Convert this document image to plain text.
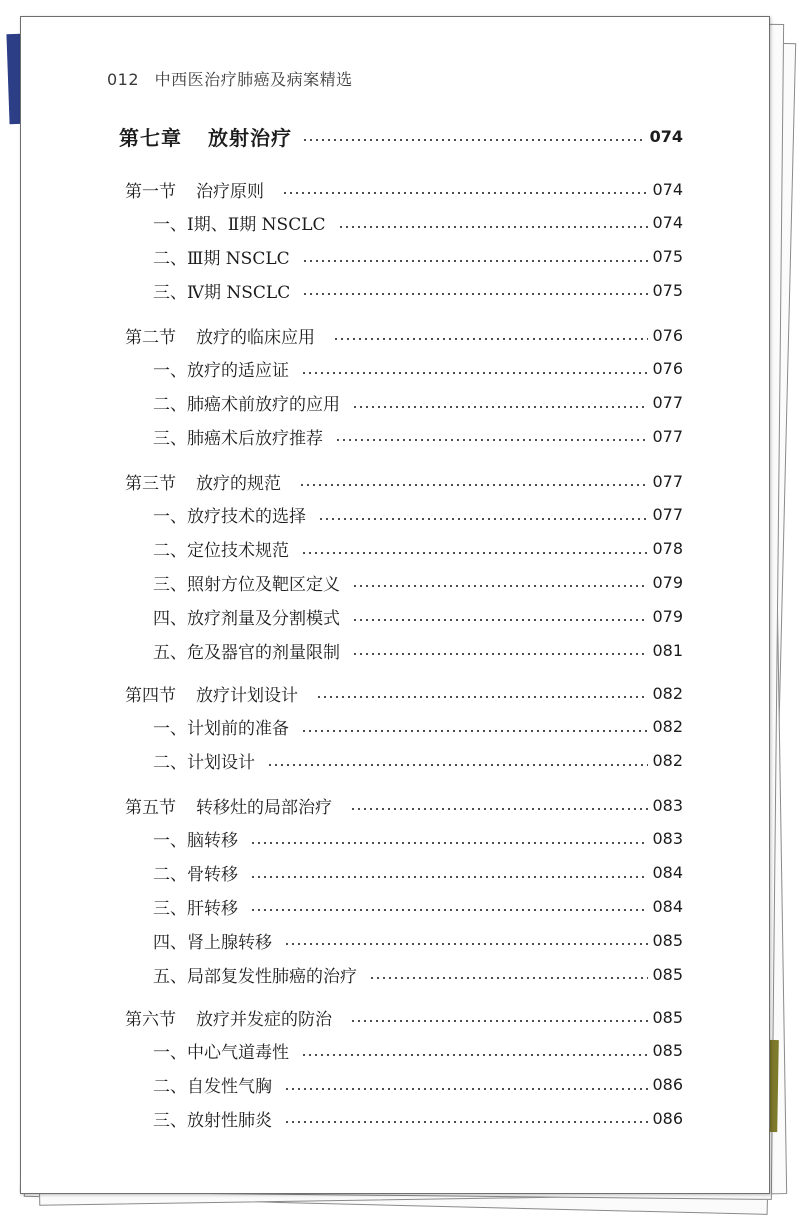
012 中西医治疗肺癌及病案精选
第七章 放射治疗	074
第一节 治疗原则	074
一、Ⅰ期、Ⅱ期 NSCLC	074
二、Ⅲ期 NSCLC	075
三、Ⅳ期 NSCLC	075
第二节 放疗的临床应用	076
一、放疗的适应证	076
二、肺癌术前放疗的应用	077
三、肺癌术后放疗推荐	077
第三节 放疗的规范	077
一、放疗技术的选择	077
二、定位技术规范	078
三、照射方位及靶区定义	079
四、放疗剂量及分割模式	079
五、危及器官的剂量限制	081
第四节 放疗计划设计	082
一、计划前的准备	082
二、计划设计	082
第五节 转移灶的局部治疗	083
一、脑转移	083
二、骨转移	084
三、肝转移	084
四、肾上腺转移	085
五、局部复发性肺癌的治疗	085
第六节 放疗并发症的防治	085
一、中心气道毒性	085
二、自发性气胸	086
三、放射性肺炎	086
